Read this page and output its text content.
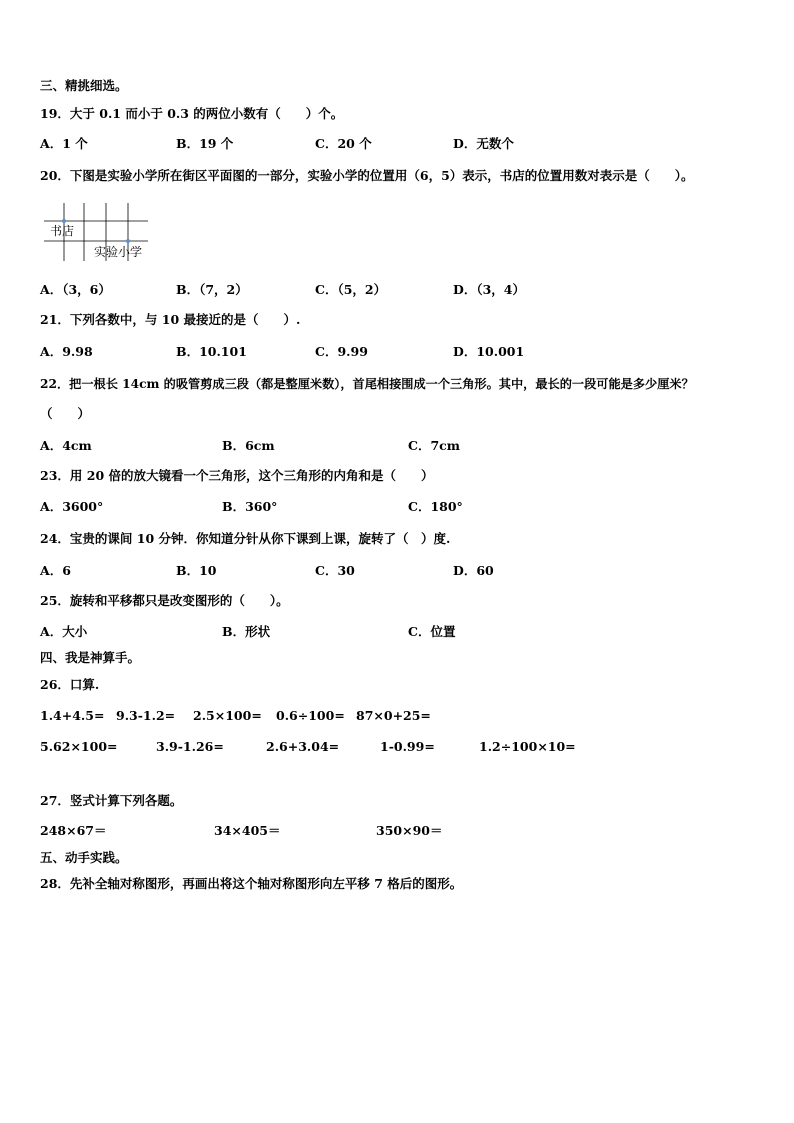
三、精挑细选。
19．大于 0.1 而小于 0.3 的两位小数有（　　）个。
A．1 个	B．19 个	C．20 个	D．无数个
20．下图是实验小学所在街区平面图的一部分，实验小学的位置用（6，5）表示，书店的位置用数对表示是（　　）。
书店
实验小学
A．（3，6）	B．（7，2）	C．（5，2）	D．（3，4）
21．下列各数中，与 10 最接近的是（　　）.
A．9.98	B．10.101	C．9.99	D．10.001
22．把一根长 14cm 的吸管剪成三段（都是整厘米数），首尾相接围成一个三角形。其中，最长的一段可能是多少厘米？
（　　）
A．4cm	B．6cm	C．7cm
23．用 20 倍的放大镜看一个三角形，这个三角形的内角和是（　　）
A．3600°	B．360°	C．180°
24．宝贵的课间 10 分钟．你知道分针从你下课到上课，旋转了（　）度.
A．6	B．10	C．30	D．60
25．旋转和平移都只是改变图形的（　　）。
A．大小	B．形状	C．位置
四、我是神算手。
26．口算.
1.4+4.5= 9.3-1.2= 2.5×100= 0.6÷100= 87×0+25=
5.62×100=	3.9-1.26=	2.6+3.04=	1-0.99=	1.2÷100×10=
27．竖式计算下列各题。
248×67＝	34×405＝	350×90＝
五、动手实践。
28．先补全轴对称图形，再画出将这个轴对称图形向左平移 7 格后的图形。
